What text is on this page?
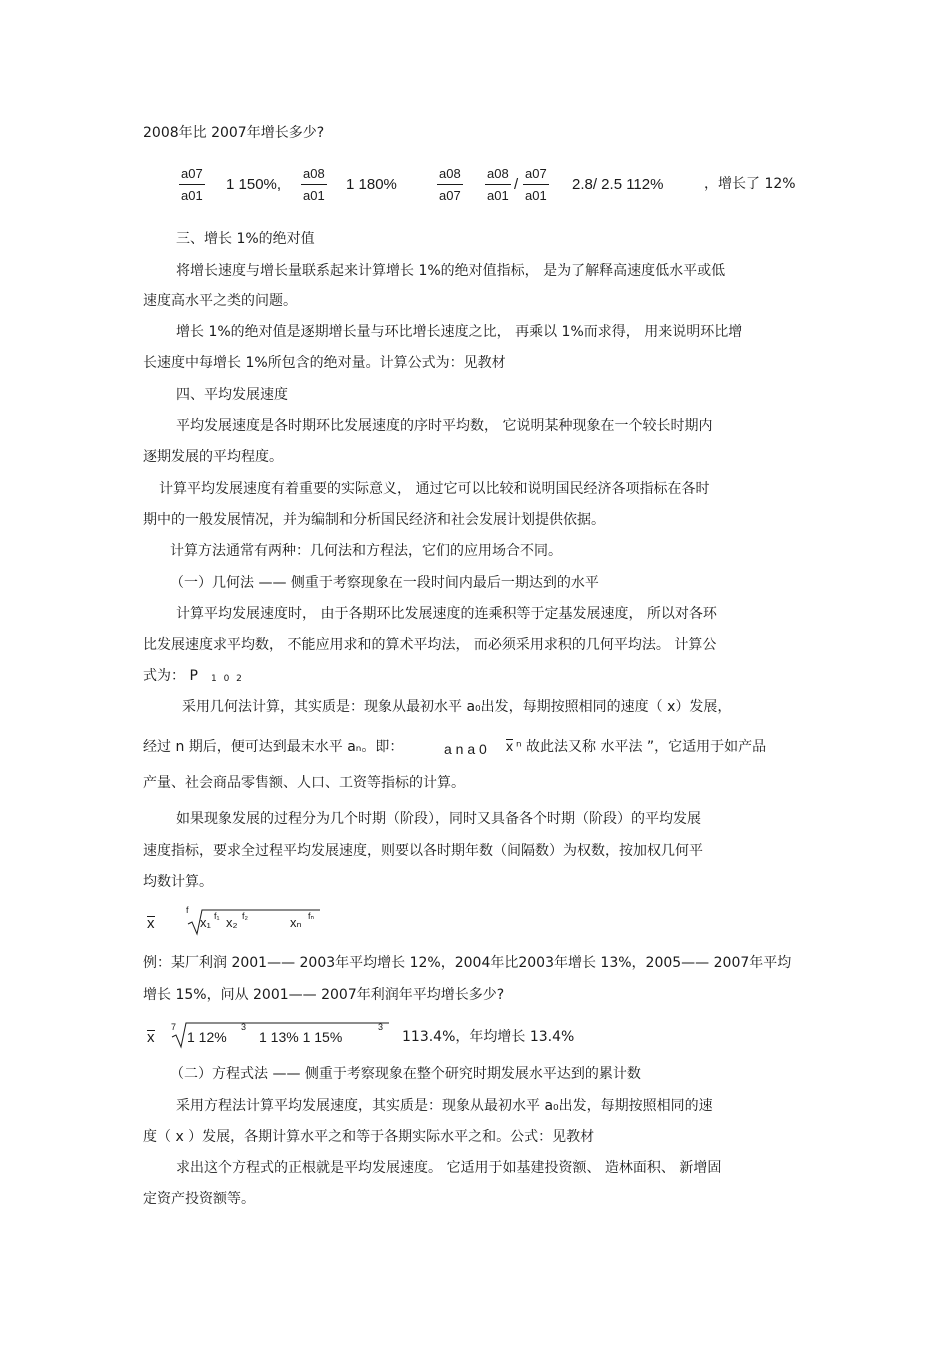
2008年比 2007年增长多少?
$\frac{a07}{a01} 1$ 150%, $\frac{a08}{a01} 1$ 180%	$\frac{a08}{a07} \frac{a08}{a01} / \frac{a07}{a01} 2.8/$ 2.5 112%	，增长了 12%
三、增长 1%的绝对值
将增长速度与增长量联系起来计算增长 1%的绝对值指标， 是为了解释高速度低水平或低
速度高水平之类的问题。
增长 1%的绝对值是逐期增长量与环比增长速度之比， 再乘以 1%而求得， 用来说明环比增
长速度中每增长 1%所包含的绝对量。计算公式为：见教材
四、平均发展速度
平均发展速度是各时期环比发展速度的序时平均数， 它说明某种现象在一个较长时期内
逐期发展的平均程度。
计算平均发展速度有着重要的实际意义， 通过它可以比较和说明国民经济各项指标在各时
期中的一般发展情况，并为编制和分析国民经济和社会发展计划提供依据。
计算方法通常有两种：几何法和方程法，它们的应用场合不同。
（一）几何法 —— 侧重于考察现象在一段时间内最后一期达到的水平
计算平均发展速度时， 由于各期环比发展速度的连乘积等于定基发展速度， 所以对各环
比发展速度求平均数， 不能应用求和的算术平均法， 而必须采用求积的几何平均法。 计算公
式为： P 1 0 2
采用几何法计算，其实质是：现象从最初水平 a₀出发，每期按照相同的速度（ x）发展，
经过 n 期后，便可达到最末水平 aₙ。即：	a n a 0 x ⁿ 故此法又称 水平法 ”，它适用于如产品
产量、社会商品零售额、人口、工资等指标的计算。
如果现象发展的过程分为几个时期（阶段），同时又具备各个时期（阶段）的平均发展
速度指标，要求全过程平均发展速度，则要以各时期年数（间隔数）为权数，按加权几何平
均数计算。
x
f
x₁ f₁ x₂ f₂	xₙ fₙ
例：某厂利润 2001—— 2003年平均增长 12%，2004年比2003年增长 13%，2005—— 2007年平均
增长 15%，问从 2001—— 2007年利润年平均增长多少?
x
7
1 12%
3
1 13% 1 15%
3
113.4%，年均增长 13.4%
（二）方程式法 —— 侧重于考察现象在整个研究时期发展水平达到的累计数
采用方程法计算平均发展速度，其实质是：现象从最初水平 a₀出发，每期按照相同的速
度（ x ）发展，各期计算水平之和等于各期实际水平之和。公式：见教材
求出这个方程式的正根就是平均发展速度。 它适用于如基建投资额、 造林面积、 新增固
定资产投资额等。
